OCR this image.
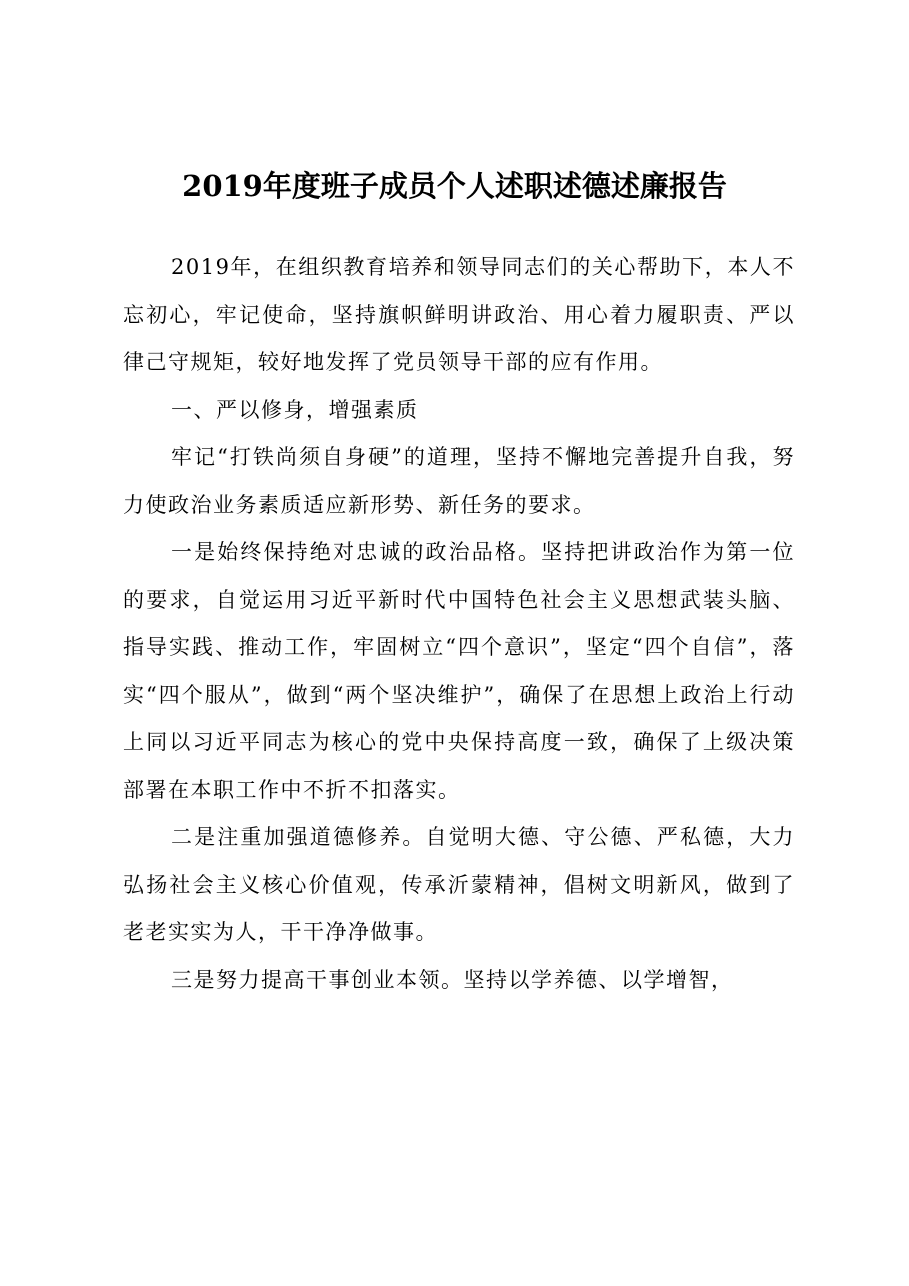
2019年度班子成员个人述职述德述廉报告

2019年，在组织教育培养和领导同志们的关心帮助下，本人不忘初心，牢记使命，坚持旗帜鲜明讲政治、用心着力履职责、严以律己守规矩，较好地发挥了党员领导干部的应有作用。

一、严以修身，增强素质

牢记“打铁尚须自身硬”的道理，坚持不懈地完善提升自我，努力使政治业务素质适应新形势、新任务的要求。

一是始终保持绝对忠诚的政治品格。坚持把讲政治作为第一位的要求，自觉运用习近平新时代中国特色社会主义思想武装头脑、指导实践、推动工作，牢固树立“四个意识”，坚定“四个自信”，落实“四个服从”，做到“两个坚决维护”，确保了在思想上政治上行动上同以习近平同志为核心的党中央保持高度一致，确保了上级决策部署在本职工作中不折不扣落实。

二是注重加强道德修养。自觉明大德、守公德、严私德，大力弘扬社会主义核心价值观，传承沂蒙精神，倡树文明新风，做到了老老实实为人，干干净净做事。

三是努力提高干事创业本领。坚持以学养德、以学增智，
